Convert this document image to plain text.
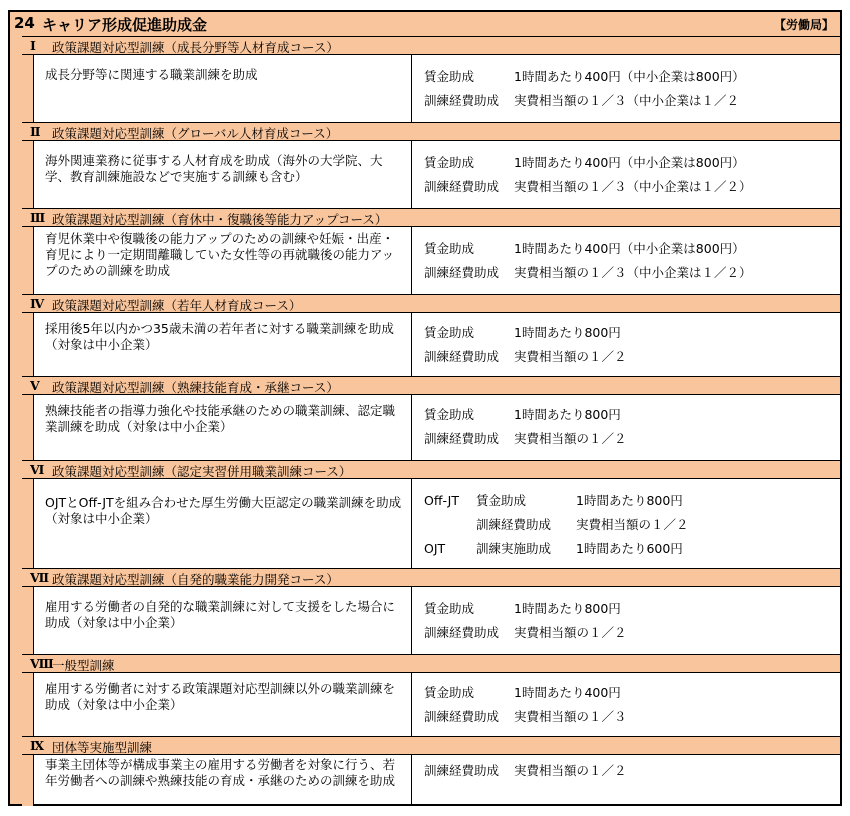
24 キャリア形成促進助成金	【労働局】
Ⅰ 政策課題対応型訓練（成長分野等人材育成コース）
成長分野等に関連する職業訓練を助成	賃金助成	1時間あたり400円（中小企業は800円）
訓練経費助成 実費相当額の１／３（中小企業は１／２
Ⅱ 政策課題対応型訓練（グローバル人材育成コース）
海外関連業務に従事する人材育成を助成（海外の大学院、大学、教育訓練施設などで実施する訓練も含む）
賃金助成	1時間あたり400円（中小企業は800円）
訓練経費助成 実費相当額の１／３（中小企業は１／２）
Ⅲ 政策課題対応型訓練（育休中・復職後等能力アップコース）
育児休業中や復職後の能力アップのための訓練や妊娠・出産・育児により一定期間離職していた女性等の再就職後の能力アップのための訓練を助成
賃金助成	1時間あたり400円（中小企業は800円）
訓練経費助成 実費相当額の１／３（中小企業は１／２）
Ⅳ 政策課題対応型訓練（若年人材育成コース）
採用後5年以内かつ35歳未満の若年者に対する職業訓練を助成（対象は中小企業）
賃金助成	1時間あたり800円
訓練経費助成 実費相当額の１／２
Ⅴ 政策課題対応型訓練（熟練技能育成・承継コース）
熟練技能者の指導力強化や技能承継のための職業訓練、認定職業訓練を助成（対象は中小企業）
賃金助成	1時間あたり800円
訓練経費助成 実費相当額の１／２
Ⅵ 政策課題対応型訓練（認定実習併用職業訓練コース）
OJTとOff-JTを組み合わせた厚生労働大臣認定の職業訓練を助成（対象は中小企業）
Off-JT 賃金助成	1時間あたり800円
訓練経費助成 実費相当額の１／２
OJT 訓練実施助成 1時間あたり600円
Ⅶ 政策課題対応型訓練（自発的職業能力開発コース）
雇用する労働者の自発的な職業訓練に対して支援をした場合に助成（対象は中小企業）
賃金助成	1時間あたり800円
訓練経費助成 実費相当額の１／２
Ⅷ
一般型訓練
雇用する労働者に対する政策課題対応型訓練以外の職業訓練を助成（対象は中小企業）
賃金助成	1時間あたり400円
訓練経費助成 実費相当額の１／３
Ⅸ 団体等実施型訓練
事業主団体等が構成事業主の雇用する労働者を対象に行う、若年労働者への訓練や熟練技能の育成・承継のための訓練を助成
訓練経費助成 実費相当額の１／２
